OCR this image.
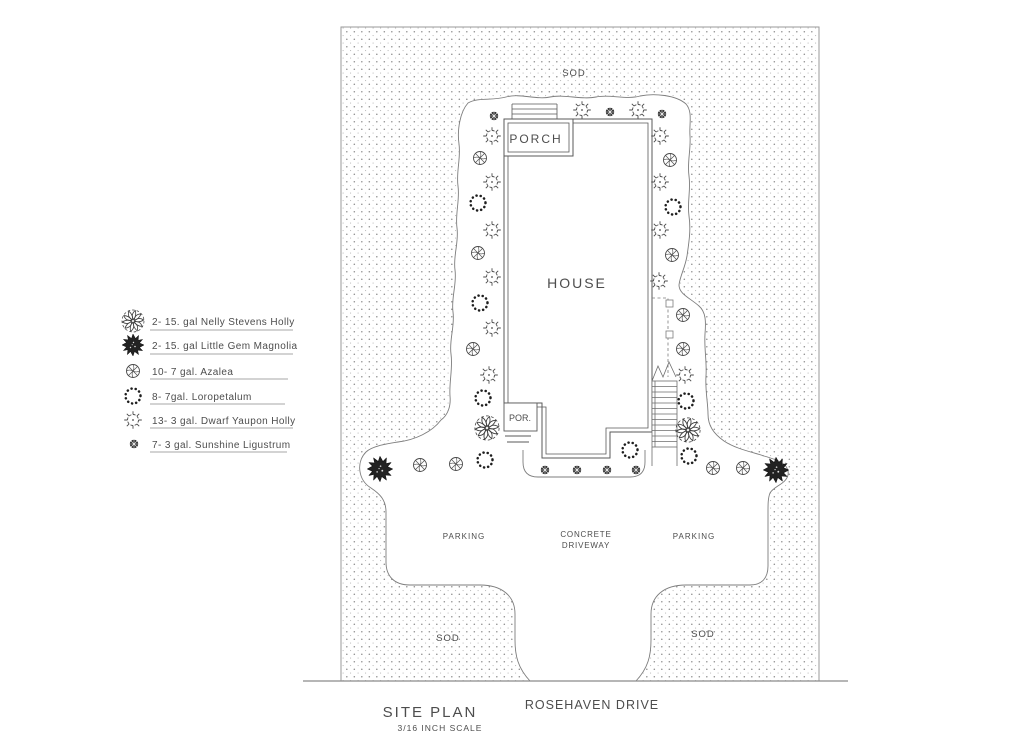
SOD
PORCH
HOUSE
POR.
PARKING	CONCRETE
DRIVEWAY
PARKING
SOD	SOD
SITE PLAN
3/16 INCH SCALE
ROSEHAVEN DRIVE
2- 15. gal Nelly Stevens Holly
2- 15. gal Little Gem Magnolia
10- 7 gal. Azalea
8- 7gal. Loropetalum
13- 3 gal. Dwarf Yaupon Holly
7- 3 gal. Sunshine Ligustrum
